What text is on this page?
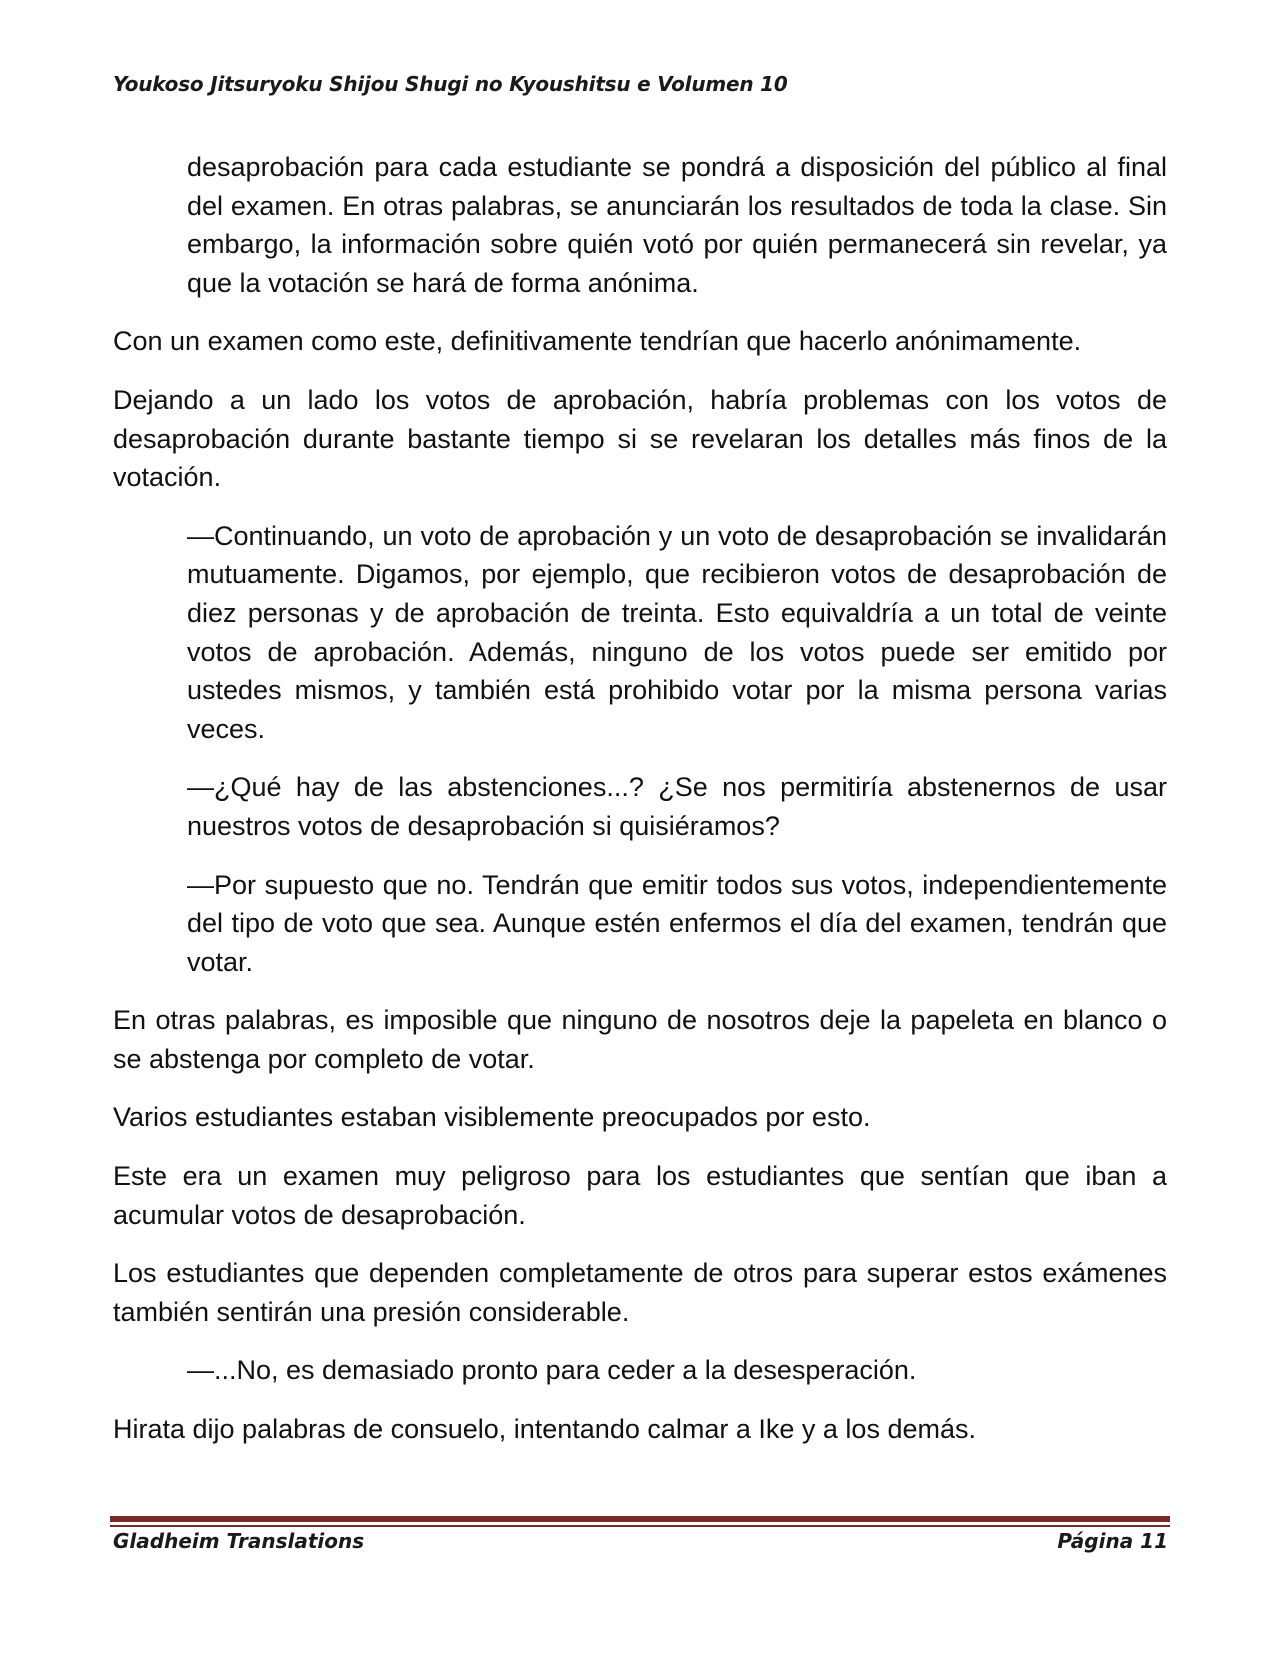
Youkoso Jitsuryoku Shijou Shugi no Kyoushitsu e Volumen 10

desaprobación para cada estudiante se pondrá a disposición del público al final del examen. En otras palabras, se anunciarán los resultados de toda la clase. Sin embargo, la información sobre quién votó por quién permanecerá sin revelar, ya que la votación se hará de forma anónima.

Con un examen como este, definitivamente tendrían que hacerlo anónimamente.

Dejando a un lado los votos de aprobación, habría problemas con los votos de desaprobación durante bastante tiempo si se revelaran los detalles más finos de la votación.

—Continuando, un voto de aprobación y un voto de desaprobación se invalidarán mutuamente. Digamos, por ejemplo, que recibieron votos de desaprobación de diez personas y de aprobación de treinta. Esto equivaldría a un total de veinte votos de aprobación. Además, ninguno de los votos puede ser emitido por ustedes mismos, y también está prohibido votar por la misma persona varias veces.

—¿Qué hay de las abstenciones...? ¿Se nos permitiría abstenernos de usar nuestros votos de desaprobación si quisiéramos?

—Por supuesto que no. Tendrán que emitir todos sus votos, independientemente del tipo de voto que sea. Aunque estén enfermos el día del examen, tendrán que votar.

En otras palabras, es imposible que ninguno de nosotros deje la papeleta en blanco o se abstenga por completo de votar.

Varios estudiantes estaban visiblemente preocupados por esto.

Este era un examen muy peligroso para los estudiantes que sentían que iban a acumular votos de desaprobación.

Los estudiantes que dependen completamente de otros para superar estos exámenes también sentirán una presión considerable.

—...No, es demasiado pronto para ceder a la desesperación.

Hirata dijo palabras de consuelo, intentando calmar a Ike y a los demás.

Gladheim Translations	Página 11
